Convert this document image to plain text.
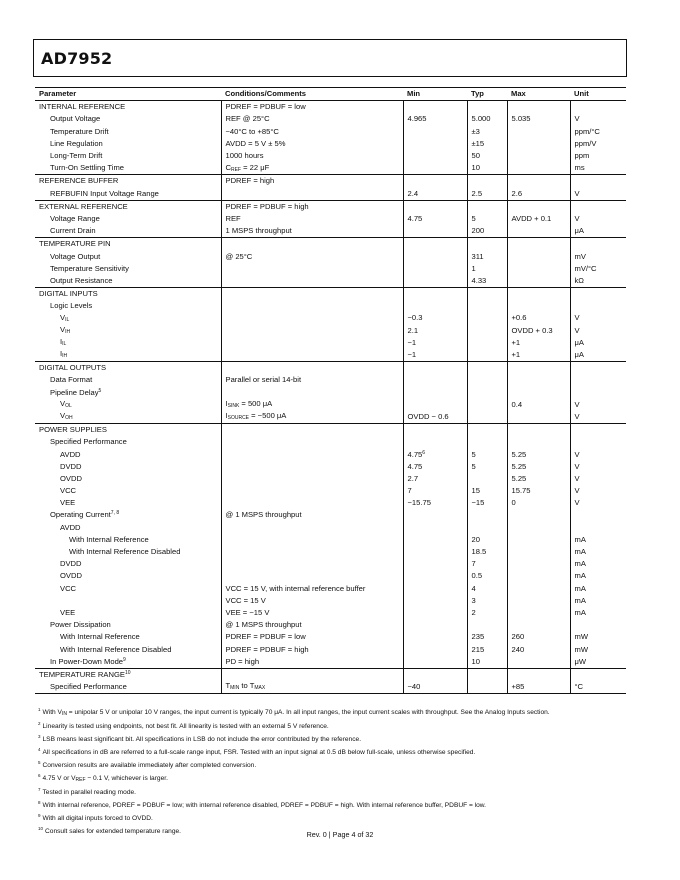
AD7952
Parameter	Conditions/Comments	Min	Typ	Max	Unit
INTERNAL REFERENCE	PDREF = PDBUF = low				
Output Voltage	REF @ 25°C	4.965	5.000	5.035	V
Temperature Drift	−40°C to +85°C		±3		ppm/°C
Line Regulation	AVDD = 5 V ± 5%		±15		ppm/V
Long-Term Drift	1000 hours		50		ppm
Turn-On Settling Time	$C_{REF} = 22$ μF		10		ms
REFERENCE BUFFER	PDREF = high				
REFBUFIN Input Voltage Range		2.4	2.5	2.6	V
EXTERNAL REFERENCE	PDREF = PDBUF = high				
Voltage Range	REF	4.75	5	AVDD + 0.1	V
Current Drain	1 MSPS throughput		200		μA
TEMPERATURE PIN					
Voltage Output	@ 25°C		311		mV
Temperature Sensitivity			1		mV/°C
Output Resistance			4.33		kΩ
DIGITAL INPUTS					
Logic Levels					
$V_{IL}$		−0.3		+0.6	V
$V_{IH}$		2.1		OVDD + 0.3	V
$I_{IL}$		−1		+1	μA
$I_{IH}$		−1		+1	μA
DIGITAL OUTPUTS					
Data Format	Parallel or serial 14-bit				
Pipeline Delay$^5$					
$V_{OL}$	$I_{SINK} = 500$ μA			0.4	V
$V_{OH}$	$I_{SOURCE} = -500$ μA	OVDD − 0.6			V
POWER SUPPLIES					
Specified Performance					
AVDD		4.75$^6$	5	5.25	V
DVDD		4.75	5	5.25	V
OVDD		2.7		5.25	V
VCC		7	15	15.75	V
VEE		−15.75	−15	0	V
Operating Current$^{7, 8}$	@ 1 MSPS throughput				
AVDD					
With Internal Reference			20		mA
With Internal Reference Disabled			18.5		mA
DVDD			7		mA
OVDD			0.5		mA
VCC	VCC = 15 V, with internal reference buffer		4		mA
	VCC = 15 V		3		mA
VEE	VEE = −15 V		2		mA
Power Dissipation	@ 1 MSPS throughput				
With Internal Reference	PDREF = PDBUF = low		235	260	mW
With Internal Reference Disabled	PDREF = PDBUF = high		215	240	mW
In Power-Down Mode$^9$	PD = high		10		μW
TEMPERATURE RANGE$^{10}$					
Specified Performance	$T_{MIN}$ to $T_{MAX}$	−40		+85	°C
$^1$ With $V_{IN}$ = unipolar 5 V or unipolar 10 V ranges, the input current is typically 70 μA. In all input ranges, the input current scales with throughput. See the Analog Inputs section.
$^2$ Linearity is tested using endpoints, not best fit. All linearity is tested with an external 5 V reference.
$^3$ LSB means least significant bit. All specifications in LSB do not include the error contributed by the reference.
$^4$ All specifications in dB are referred to a full-scale range input, FSR. Tested with an input signal at 0.5 dB below full-scale, unless otherwise specified.
$^5$ Conversion results are available immediately after completed conversion.
$^6$ 4.75 V or $V_{REF} - 0.1$ V, whichever is larger.
$^7$ Tested in parallel reading mode.
$^8$ With internal reference, PDREF = PDBUF = low; with internal reference disabled, PDREF = PDBUF = high. With internal reference buffer, PDBUF = low.
$^9$ With all digital inputs forced to OVDD.
$^{10}$ Consult sales for extended temperature range.	Rev. 0 | Page 4 of 32
